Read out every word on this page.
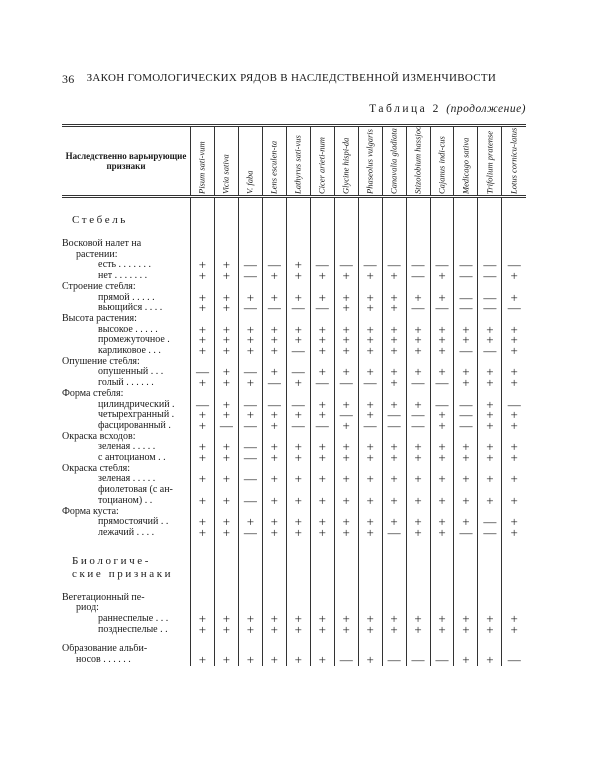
36 ЗАКОН ГОМОЛОГИЧЕСКИХ РЯДОВ В НАСЛЕДСТВЕННОЙ ИЗМЕНЧИВОСТИ
Таблица 2 (продолжение)
Наследственно варьирующие признаки	Pisum sati-vum	Vicia sativa	V. faba	Lens esculen-ta	Lathyrus sati-vus	Cicer arieti-num	Glycine hispi-da	Phaseolus vulgaris	Canavalia gladiata	Stizolobium hassjoo	Cajanus indi-cus	Medicago sativa	Trifolium pratense	Lotus cornicu-latus

Стебель														

Восковой налет на
растении:														

есть . . . . . . .	+	+	—	—	+	—	—	—	—	—	—	—	—	—

нет . . . . . . .	+	+	—	+	+	+	+	+	+	—	+	—	—	+

Строение стебля:														

прямой . . . . .	+	+	+	+	+	+	+	+	+	+	+	—	—	+

вьющийся . . . .	+	+	—	—	—	—	+	+	+	—	—	—	—	—

Высота растения:														

высокое . . . . .	+	+	+	+	+	+	+	+	+	+	+	+	+	+

промежуточное .	+	+	+	+	+	+	+	+	+	+	+	+	+	+

карликовое . . .	+	+	+	+	—	+	+	+	+	+	+	—	—	+

Опушение стебля:														

опушенный . . .	—	+	—	+	—	+	+	+	+	+	+	+	+	+

голый . . . . . .	+	+	+	—	+	—	—	—	+	—	—	+	+	+

Форма стебля:														

цилиндрический .	—	+	—	—	—	+	+	+	+	+	—	—	+	—

четырехгранный .	+	+	+	+	+	+	—	+	—	—	+	—	+	+

фасцированный .	+	—	—	+	—	—	+	—	—	—	+	—	+	+

Окраска всходов:														

зеленая . . . . .	+	+	—	+	+	+	+	+	+	+	+	+	+	+

с антоцианом . .	+	+	—	+	+	+	+	+	+	+	+	+	+	+

Окраска стебля:														

зеленая . . . . .	+	+	—	+	+	+	+	+	+	+	+	+	+	+

фиолетовая (с ан-
тоцианом) . .	+	+	—	+	+	+	+	+	+	+	+	+	+	+

Форма куста:														

прямостоячий . .	+	+	+	+	+	+	+	+	+	+	+	+	—	+

лежачий . . . .	+	+	—	+	+	+	+	+	—	+	+	—	—	+

Биологиче-
ские признаки														

Вегетационный пе-
риод:														

раннеспелые . . .	+	+	+	+	+	+	+	+	+	+	+	+	+	+

позднеспелые . .	+	+	+	+	+	+	+	+	+	+	+	+	+	+

Образование альби-
носов . . . . . .	+	+	+	+	+	+	—	+	—	—	—	+	+	—
